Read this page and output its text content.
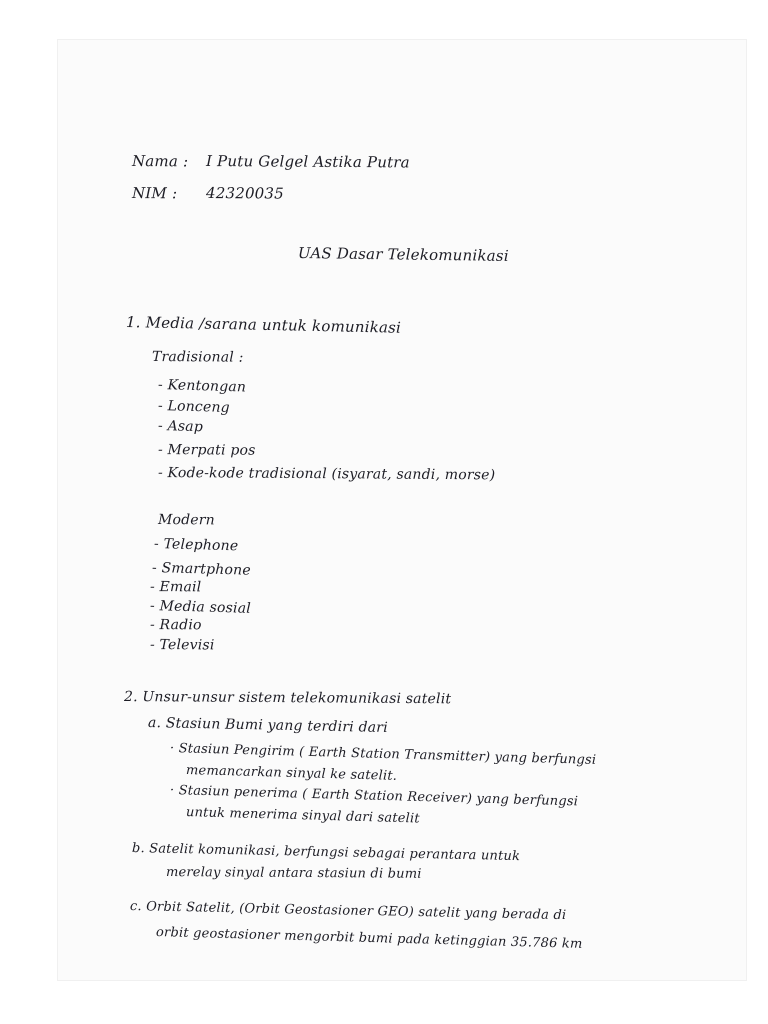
Nama : I Putu Gelgel Astika Putra
NIM : 42320035
UAS Dasar Telekomunikasi
1. Media /sarana untuk komunikasi
Tradisional :
- Kentongan
- Lonceng
- Asap
- Merpati pos
- Kode-kode tradisional (isyarat, sandi, morse)
Modern
- Telephone
- Smartphone
- Email
- Media sosial
- Radio
- Televisi
2. Unsur-unsur sistem telekomunikasi satelit
a. Stasiun Bumi yang terdiri dari
· Stasiun Pengirim ( Earth Station Transmitter) yang berfungsi
memancarkan sinyal ke satelit.
· Stasiun penerima ( Earth Station Receiver) yang berfungsi
untuk menerima sinyal dari satelit
b. Satelit komunikasi, berfungsi sebagai perantara untuk
merelay sinyal antara stasiun di bumi
c. Orbit Satelit, (Orbit Geostasioner GEO) satelit yang berada di
orbit geostasioner mengorbit bumi pada ketinggian 35.786 km
